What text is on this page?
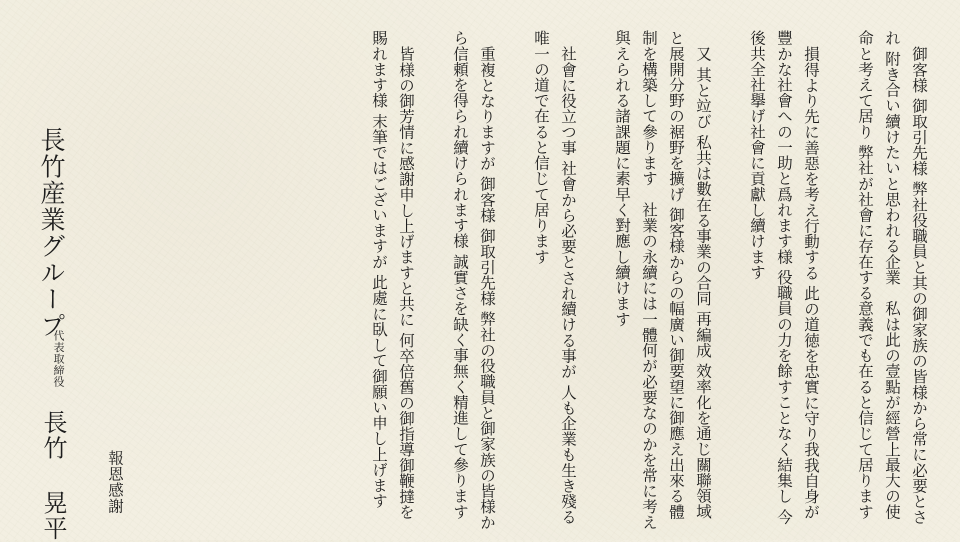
御客様 御取引先様 弊社役職員と其の御家族の皆様から常に必要とされ 附き合い續けたいと思われる企業　私は此の壹點が經營上最大の使命と考えて居り 弊社が社會に存在する意義でも在ると信じて居ります

損得より先に善惡を考え行動する 此の道徳を忠實に守り我我自身が豐かな社會への一助と爲れます様 役職員の力を餘すことなく結集し 今後共全社擧げ社會に貢獻し續けます

又 其と竝び 私共は數在る事業の合同 再編成 效率化を通じ關聯領域と展開分野の裾野を擴げ 御客様からの幅廣い御要望に御應え出來る體制を構築して參ります　社業の永續には一體何が必要なのかを常に考え 與えられる諸課題に素早く對應し續けます

社會に役立つ事 社會から必要とされ續ける事が 人も企業も生き殘る唯一の道で在ると信じて居ります

重複となりますが 御客様 御取引先様 弊社の役職員と御家族の皆様から信頼を得られ續けられます様 誠實さを缺く事無く精進して參ります

皆様の御芳情に感謝申し上げますと共に 何卒倍舊の御指導御鞭撻を賜れます様 末筆ではございますが 此處に臥して御願い申し上げます

報恩感謝
長竹産業グループ
代表取締役
長竹 晃平
